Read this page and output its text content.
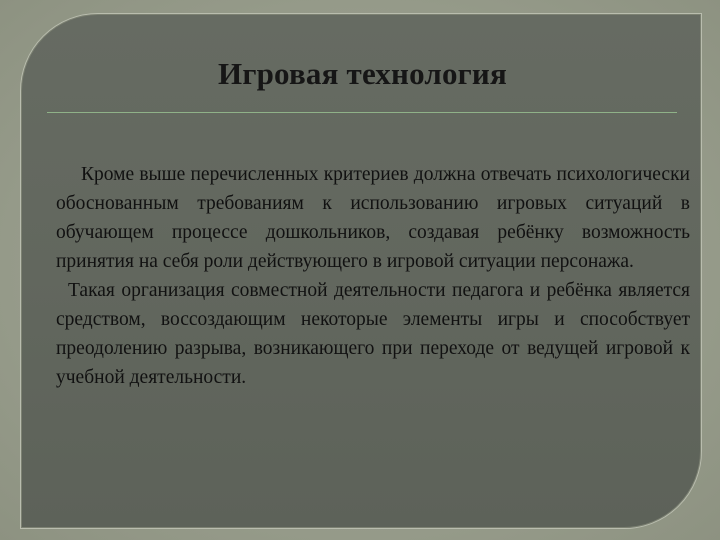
Игровая технология

Кроме выше перечисленных критериев должна отвечать психологически обоснованным требованиям к использованию игровых ситуаций в обучающем процессе дошкольников, создавая ребёнку возможность принятия на себя роли действующего в игровой ситуации персонажа.

Такая организация совместной деятельности педагога и ребёнка является средством, воссоздающим некоторые элементы игры и способствует преодолению разрыва, возникающего при переходе от ведущей игровой к учебной деятельности.
